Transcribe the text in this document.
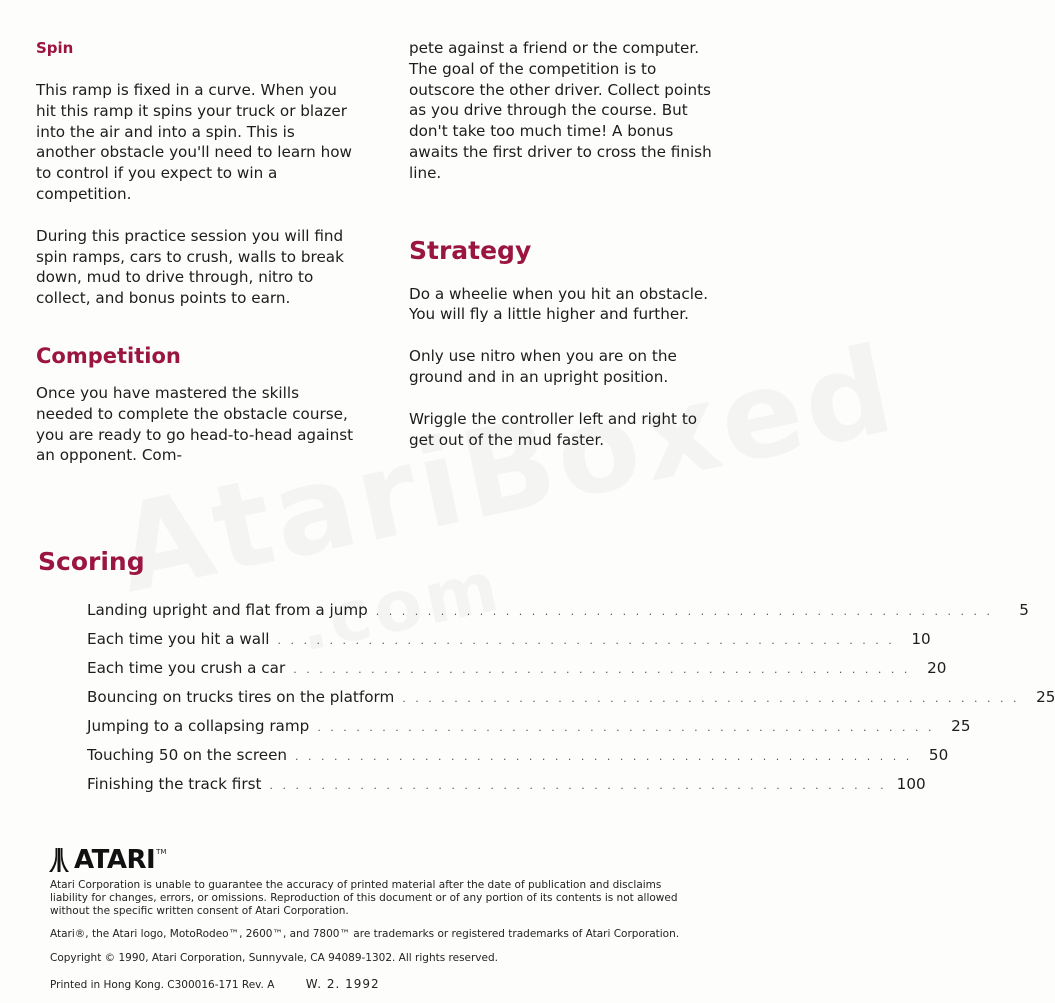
Spin

This ramp is fixed in a curve. When you hit this ramp it spins your truck or blazer into the air and into a spin. This is another obstacle you'll need to learn how to control if you expect to win a competition.

During this practice session you will find spin ramps, cars to crush, walls to break down, mud to drive through, nitro to collect, and bonus points to earn.

Competition

Once you have mastered the skills needed to complete the obstacle course, you are ready to go head-to-head against an opponent. Com-

pete against a friend or the computer. The goal of the competition is to outscore the other driver. Collect points as you drive through the course. But don't take too much time! A bonus awaits the first driver to cross the finish line.

Strategy

Do a wheelie when you hit an obstacle. You will fly a little higher and further.

Only use nitro when you are on the ground and in an upright position.

Wriggle the controller left and right to get out of the mud faster.

Scoring
Landing upright and flat from a jump . . . . . . . . . . . . . . . . . . . . . . . . . . . . . . . . . . . . . . . . . . . . . . . .	5
Each time you hit a wall . . . . . . . . . . . . . . . . . . . . . . . . . . . . . . . . . . . . . . . . . . . . . . . .	10
Each time you crush a car . . . . . . . . . . . . . . . . . . . . . . . . . . . . . . . . . . . . . . . . . . . . . . . .	20
Bouncing on trucks tires on the platform . . . . . . . . . . . . . . . . . . . . . . . . . . . . . . . . . . . . . . . . . . . . . . . .	25
Jumping to a collapsing ramp . . . . . . . . . . . . . . . . . . . . . . . . . . . . . . . . . . . . . . . . . . . . . . . .	25
Touching 50 on the screen . . . . . . . . . . . . . . . . . . . . . . . . . . . . . . . . . . . . . . . . . . . . . . . .	50
Finishing the track first . . . . . . . . . . . . . . . . . . . . . . . . . . . . . . . . . . . . . . . . . . . . . . . . 100
ATARI TM
Atari Corporation is unable to guarantee the accuracy of printed material after the date of publication and disclaims liability for changes, errors, or omissions. Reproduction of this document or of any portion of its contents is not allowed without the specific written consent of Atari Corporation.
Atari®, the Atari logo, MotoRodeo™, 2600™, and 7800™ are trademarks or registered trademarks of Atari Corporation.
Copyright © 1990, Atari Corporation, Sunnyvale, CA 94089-1302. All rights reserved.
Printed in Hong Kong. C300016-171 Rev. A	W. 2. 1992
